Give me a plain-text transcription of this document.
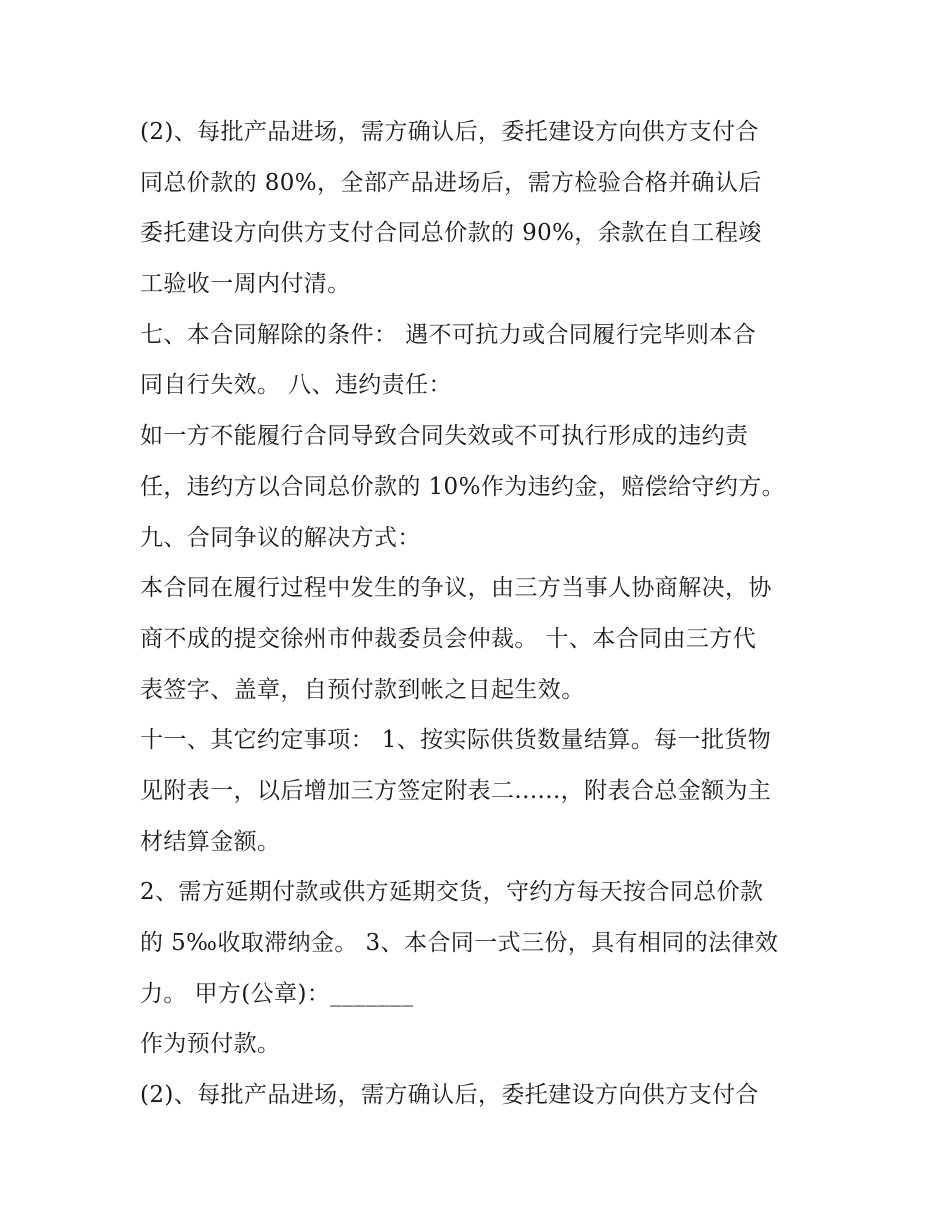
(2)、每批产品进场，需方确认后，委托建设方向供方支付合
同总价款的 80%，全部产品进场后，需方检验合格并确认后
委托建设方向供方支付合同总价款的 90%，余款在自工程竣
工验收一周内付清。
七、本合同解除的条件： 遇不可抗力或合同履行完毕则本合
同自行失效。 八、违约责任：
如一方不能履行合同导致合同失效或不可执行形成的违约责
任，违约方以合同总价款的 10%作为违约金，赔偿给守约方。
九、合同争议的解决方式：
本合同在履行过程中发生的争议，由三方当事人协商解决，协
商不成的提交徐州市仲裁委员会仲裁。 十、本合同由三方代
表签字、盖章，自预付款到帐之日起生效。
十一、其它约定事项： 1、按实际供货数量结算。每一批货物
见附表一，以后增加三方签定附表二......，附表合总金额为主
材结算金额。
2、需方延期付款或供方延期交货，守约方每天按合同总价款
的 5‰收取滞纳金。 3、本合同一式三份，具有相同的法律效
力。 甲方(公章)：_______
作为预付款。
(2)、每批产品进场，需方确认后，委托建设方向供方支付合
